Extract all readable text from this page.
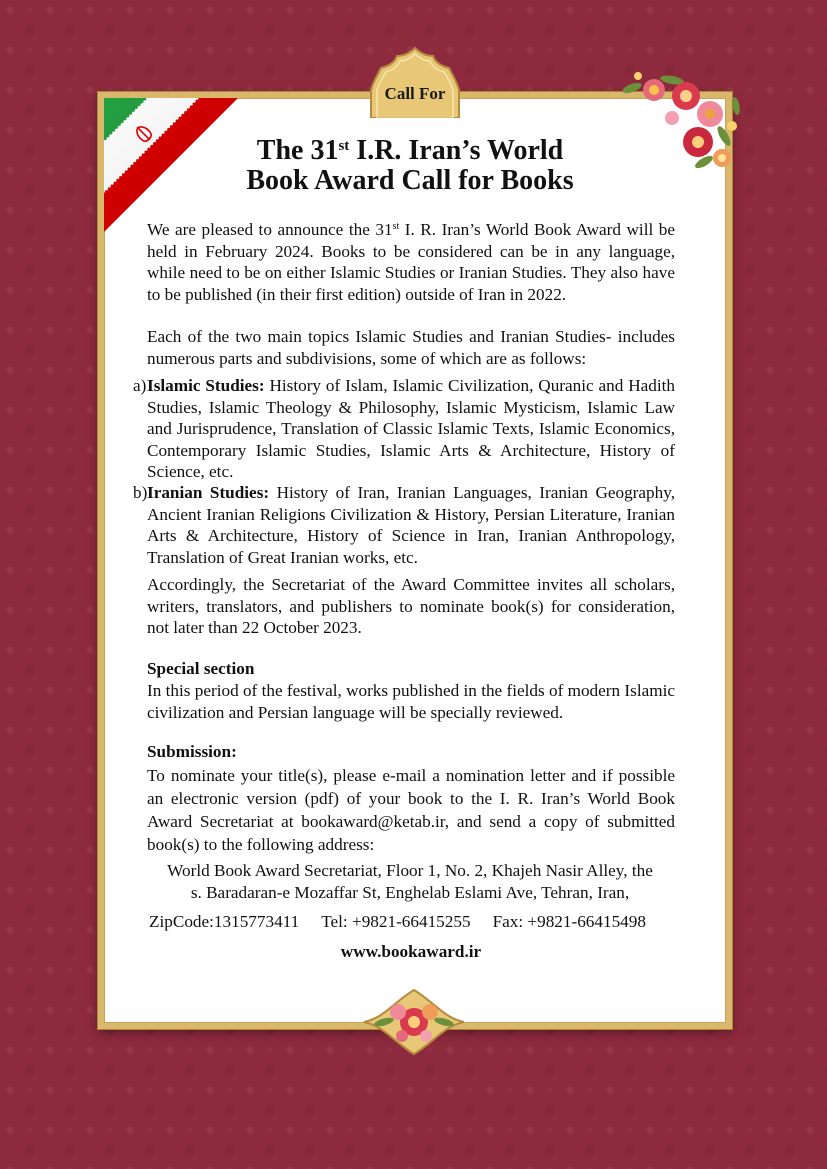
Call For
The 31st I.R. Iran’s World
Book Award Call for Books
We are pleased to announce the 31st I. R. Iran’s World Book Award will be held in February 2024. Books to be considered can be in any language, while need to be on either Islamic Studies or Iranian Studies. They also have to be published (in their first edition) outside of Iran in 2022.
Each of the two main topics Islamic Studies and Iranian Studies- includes numerous parts and subdivisions, some of which are as follows:
a) Islamic Studies: History of Islam, Islamic Civilization, Quranic and Hadith Studies, Islamic Theology & Philosophy, Islamic Mysticism, Islamic Law and Jurisprudence, Translation of Classic Islamic Texts, Islamic Economics, Contemporary Islamic Studies, Islamic Arts & Architecture, History of Science, etc.
b) Iranian Studies: History of Iran, Iranian Languages, Iranian Geography, Ancient Iranian Religions Civilization & History, Persian Literature, Iranian Arts & Architecture, History of Science in Iran, Iranian Anthropology, Translation of Great Iranian works, etc.
Accordingly, the Secretariat of the Award Committee invites all scholars, writers, translators, and publishers to nominate book(s) for consideration, not later than 22 October 2023.
Special section
In this period of the festival, works published in the fields of modern Islamic civilization and Persian language will be specially reviewed.
Submission:
To nominate your title(s), please e-mail a nomination letter and if possible an electronic version (pdf) of your book to the I. R. Iran’s World Book Award Secretariat at bookaward@ketab.ir, and send a copy of submitted book(s) to the following address:
World Book Award Secretariat, Floor 1, No. 2, Khajeh Nasir Alley, the
s. Baradaran-e Mozaffar St, Enghelab Eslami Ave, Tehran, Iran,
ZipCode:1315773411 Tel: +9821-66415255 Fax: +9821-66415498
www.bookaward.ir
